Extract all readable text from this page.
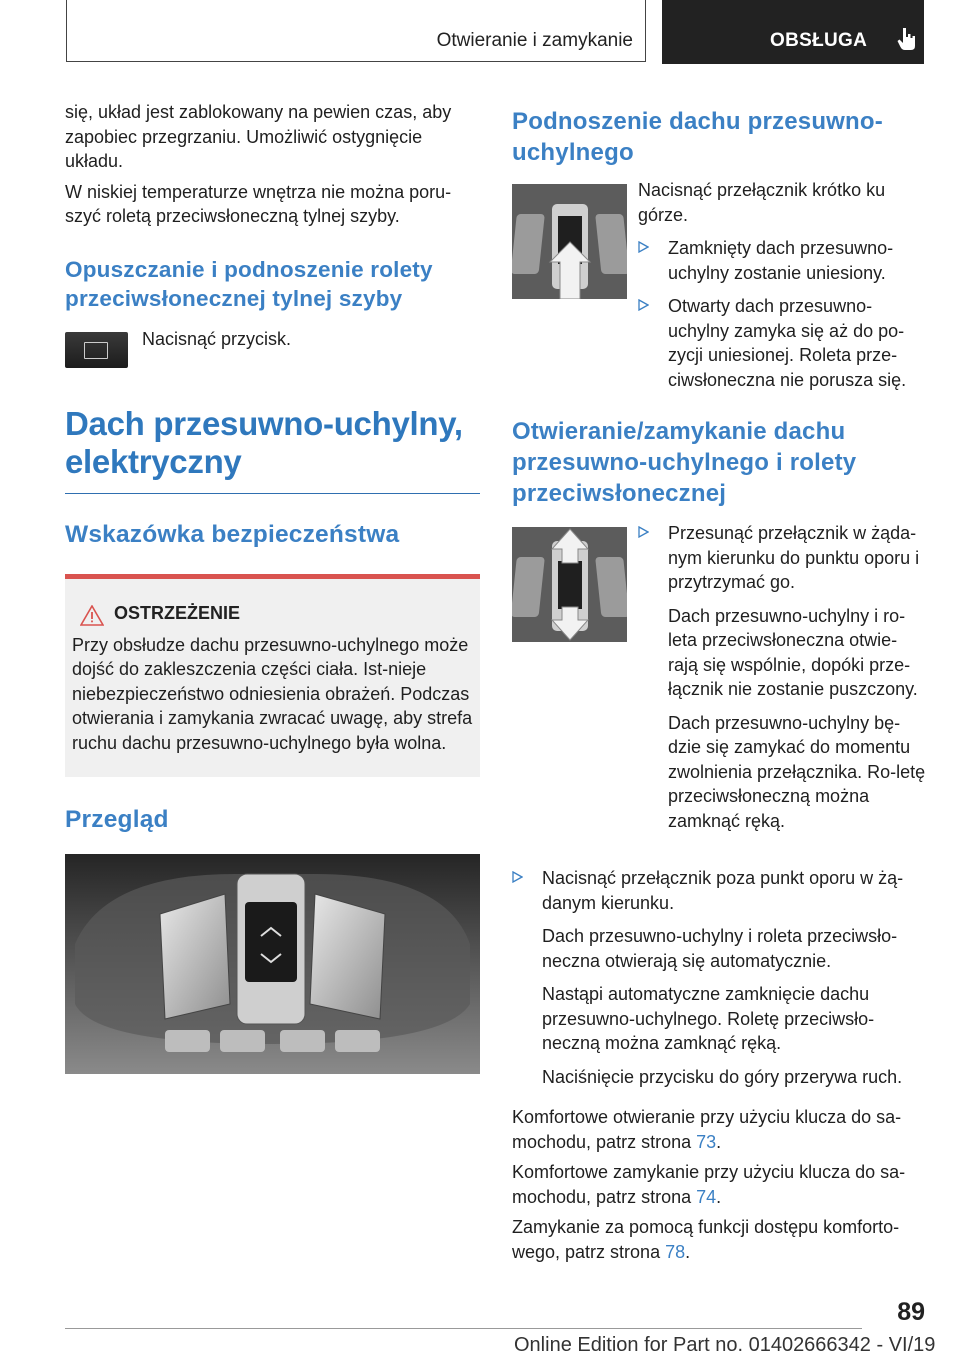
Otwieranie i zamykanie	OBSŁUGA

się, układ jest zablokowany na pewien czas, aby zapobiec przegrzaniu. Umożliwić ostygnięcie układu.

W niskiej temperaturze wnętrza nie można poru‐szyć roletą przeciwsłoneczną tylnej szyby.

Opuszczanie i podnoszenie rolety przeciwsłonecznej tylnej szyby

Nacisnąć przycisk.

Dach przesuwno-uchylny, elektryczny
Wskazówka bezpieczeństwa
OSTRZEŻENIE

Przy obsłudze dachu przesuwno-uchylnego może dojść do zakleszczenia części ciała. Ist‐nieje niebezpieczeństwo odniesienia obrażeń. Podczas otwierania i zamykania zwracać uwagę, aby strefa ruchu dachu przesuwno-uchylnego była wolna.

Przegląd
Podnoszenie dachu przesuwno-uchylnego

Nacisnąć przełącznik krótko ku górze.

Zamknięty dach przesuwno-uchylny zostanie uniesiony.

Otwarty dach przesuwno-uchylny zamyka się aż do po‐zycji uniesionej. Roleta prze‐ciwsłoneczna nie porusza się.

Otwieranie/zamykanie dachu przesuwno-uchylnego i rolety przeciwsłonecznej

Przesunąć przełącznik w żąda‐nym kierunku do punktu oporu i przytrzymać go.

Dach przesuwno-uchylny i ro‐leta przeciwsłoneczna otwie‐rają się wspólnie, dopóki prze‐łącznik nie zostanie puszczony.

Dach przesuwno-uchylny bę‐dzie się zamykać do momentu zwolnienia przełącznika. Ro‐letę przeciwsłoneczną można zamknąć ręką.

Nacisnąć przełącznik poza punkt oporu w żą‐danym kierunku.

Dach przesuwno-uchylny i roleta przeciwsło‐neczna otwierają się automatycznie.

Nastąpi automatyczne zamknięcie dachu przesuwno-uchylnego. Roletę przeciwsło‐neczną można zamknąć ręką.

Naciśnięcie przycisku do góry przerywa ruch.

Komfortowe otwieranie przy użyciu klucza do sa‐mochodu, patrz strona 73.

Komfortowe zamykanie przy użyciu klucza do sa‐mochodu, patrz strona 74.

Zamykanie za pomocą funkcji dostępu komforto‐wego, patrz strona 78.

89
Online Edition for Part no. 01402666342 - VI/19
